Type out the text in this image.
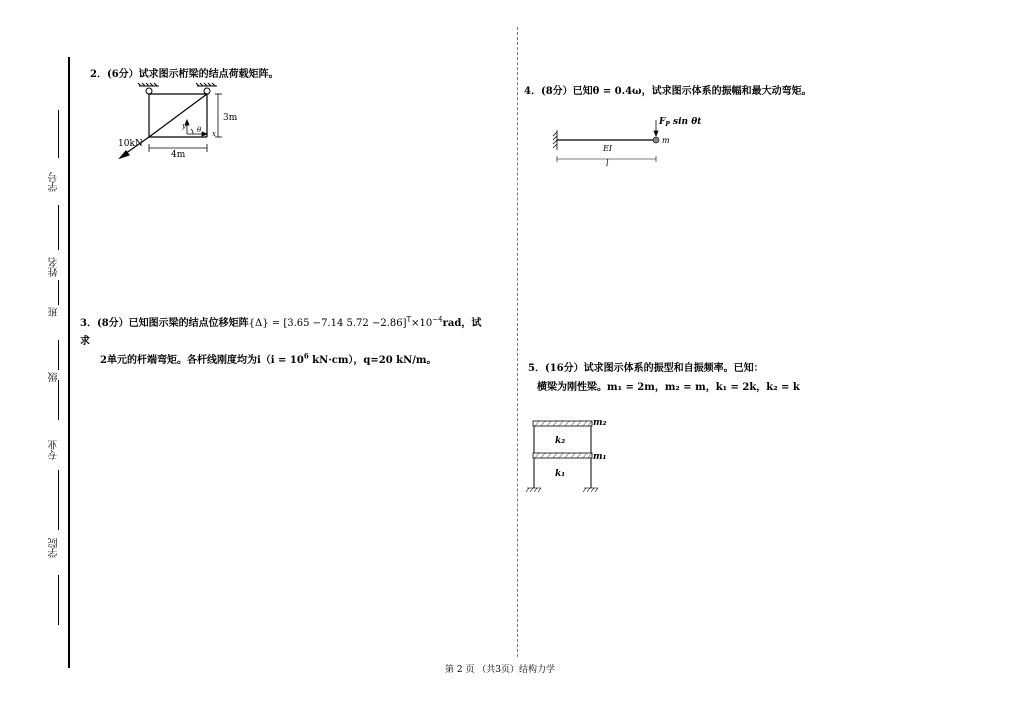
学号
姓名
班
级
专业
学院
2．(6分）试求图示桁梁的结点荷载矩阵。
10kN
3m
4m
y θ x
3．(8分）已知图示梁的结点位移矩阵{Δ} = [3.65 −7.14 $5.72 -2.86]^T\times 10^{-4}rad$，试
求
2单元的杆端弯矩。各杆线刚度均为$i(i = 10^6$ kN·cm），q=20 kN/m。
4．(8分）已知θ = 0.4ω，试求图示体系的振幅和最大动弯矩。
$F_P$ sin θt
m
EI
l
5．(16分）试求图示体系的振型和自振频率。已知：
横梁为刚性梁。m₁ = 2m，m₂ = m，k₁ = 2k，k₂ = k
m₂
m₁
k₂
k₁
第 2 页 （共3页）结构力学
